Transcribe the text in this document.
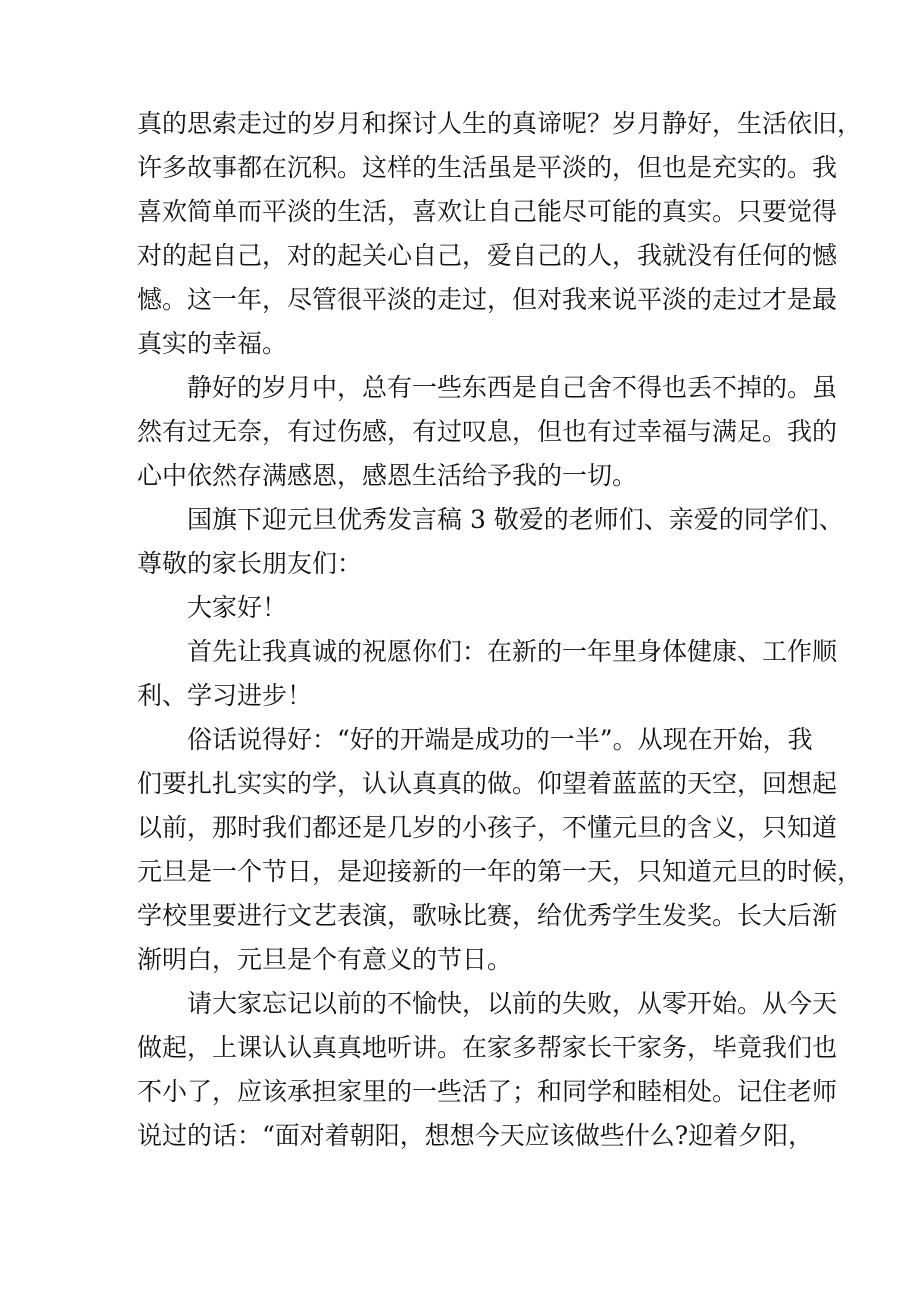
真的思索走过的岁月和探讨人生的真谛呢？岁月静好，生活依旧，
许多故事都在沉积。这样的生活虽是平淡的，但也是充实的。我
喜欢简单而平淡的生活，喜欢让自己能尽可能的真实。只要觉得
对的起自己，对的起关心自己，爱自己的人，我就没有任何的憾
憾。这一年，尽管很平淡的走过，但对我来说平淡的走过才是最
真实的幸福。
静好的岁月中，总有一些东西是自己舍不得也丢不掉的。虽
然有过无奈，有过伤感，有过叹息，但也有过幸福与满足。我的
心中依然存满感恩，感恩生活给予我的一切。
国旗下迎元旦优秀发言稿 3 敬爱的老师们、亲爱的同学们、
尊敬的家长朋友们：
大家好！
首先让我真诚的祝愿你们：在新的一年里身体健康、工作顺
利、学习进步！
俗话说得好：“好的开端是成功的一半”。从现在开始，我
们要扎扎实实的学，认认真真的做。仰望着蓝蓝的天空，回想起
以前，那时我们都还是几岁的小孩子，不懂元旦的含义，只知道
元旦是一个节日，是迎接新的一年的第一天，只知道元旦的时候，
学校里要进行文艺表演，歌咏比赛，给优秀学生发奖。长大后渐
渐明白，元旦是个有意义的节日。
请大家忘记以前的不愉快，以前的失败，从零开始。从今天
做起，上课认认真真地听讲。在家多帮家长干家务，毕竟我们也
不小了，应该承担家里的一些活了；和同学和睦相处。记住老师
说过的话：“面对着朝阳，想想今天应该做些什么?迎着夕阳，
